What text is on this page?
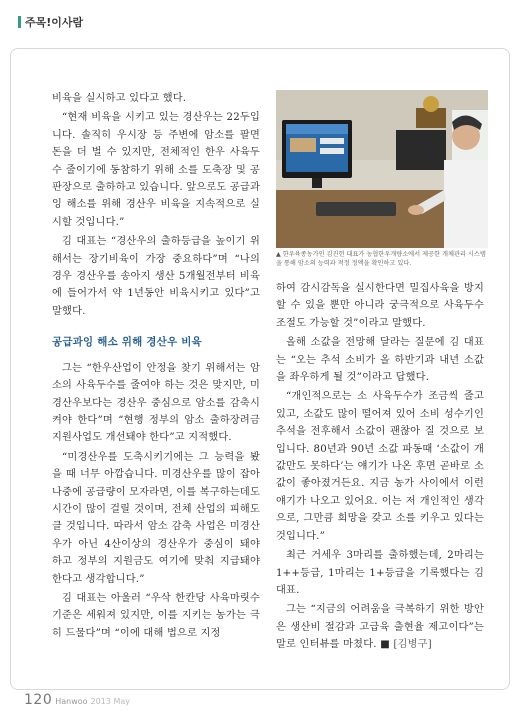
주목!이사람

비육을 실시하고 있다고 했다.

“현재 비육을 시키고 있는 경산우는 22두입니다. 솔직히 우시장 등 주변에 암소를 팔면 돈을 더 벌 수 있지만, 전체적인 한우 사육두수 줄이기에 동참하기 위해 소를 도축장 및 공판장으로 출하하고 있습니다. 앞으로도 공급과잉 해소를 위해 경산우 비육을 지속적으로 실시할 것입니다.”

김 대표는 “경산우의 출하등급을 높이기 위해서는 장기비육이 가장 중요하다”며 “나의 경우 경산우를 송아지 생산 5개월전부터 비육에 들어가서 약 1년동안 비육시키고 있다”고 말했다.

공급과잉 해소 위해 경산우 비육

그는 “한우산업이 안정을 찾기 위해서는 암소의 사육두수를 줄여야 하는 것은 맞지만, 미경산우보다는 경산우 중심으로 암소를 감축시켜야 한다”며 “현행 정부의 암소 출하장려금 지원사업도 개선돼야 한다”고 지적했다.

“미경산우를 도축시키기에는 그 능력을 봤을 때 너무 아깝습니다. 미경산우를 많이 잡아 나중에 공급량이 모자라면, 이를 복구하는데도 시간이 많이 걸릴 것이며, 전체 산업의 피해도 클 것입니다. 따라서 암소 감축 사업은 미경산우가 아닌 4산이상의 경산우가 중심이 돼야 하고 정부의 지원금도 여기에 맞춰 지급돼야 한다고 생각합니다.”

김 대표는 아울러 “우삭 한칸당 사육마릿수 기준은 세워져 있지만, 이를 지키는 농가는 극히 드물다”며 “이에 대해 법으로 지정

▲ 한우육종농가인 김진헌 대표가 농협한우개량소에서 제공한 개체관리 시스템을 통해 암소의 능력과 적정 정액을 확인하고 있다.

하여 감시감독을 실시한다면 밀집사육을 방지할 수 있을 뿐만 아니라 궁극적으로 사육두수 조절도 가능할 것”이라고 말했다.

올해 소값을 전망해 달라는 질문에 김 대표는 “오는 추석 소비가 올 하반기과 내년 소값을 좌우하게 될 것”이라고 답했다.

“개인적으로는 소 사육두수가 조금씩 줄고 있고, 소값도 많이 떨어져 있어 소비 성수기인 추석을 전후해서 소값이 괜찮아 질 것으로 보입니다. 80년과 90년 소값 파동때 ‘소값이 개값만도 못하다’는 얘기가 나온 후면 곧바로 소값이 좋아졌거든요. 지금 농가 사이에서 이런 얘기가 나오고 있어요. 이는 저 개인적인 생각으로, 그만큼 희망을 갖고 소를 키우고 있다는 것입니다.”

최근 거세우 3마리를 출하했는데, 2마리는 1++등급, 1마리는 1+등급을 기록했다는 김 대표.

그는 “지금의 어려움을 극복하기 위한 방안은 생산비 절감과 고급육 출현율 제고이다”는 말로 인터뷰를 마쳤다. ■ [김병구]

120 Hanwoo 2013 May
